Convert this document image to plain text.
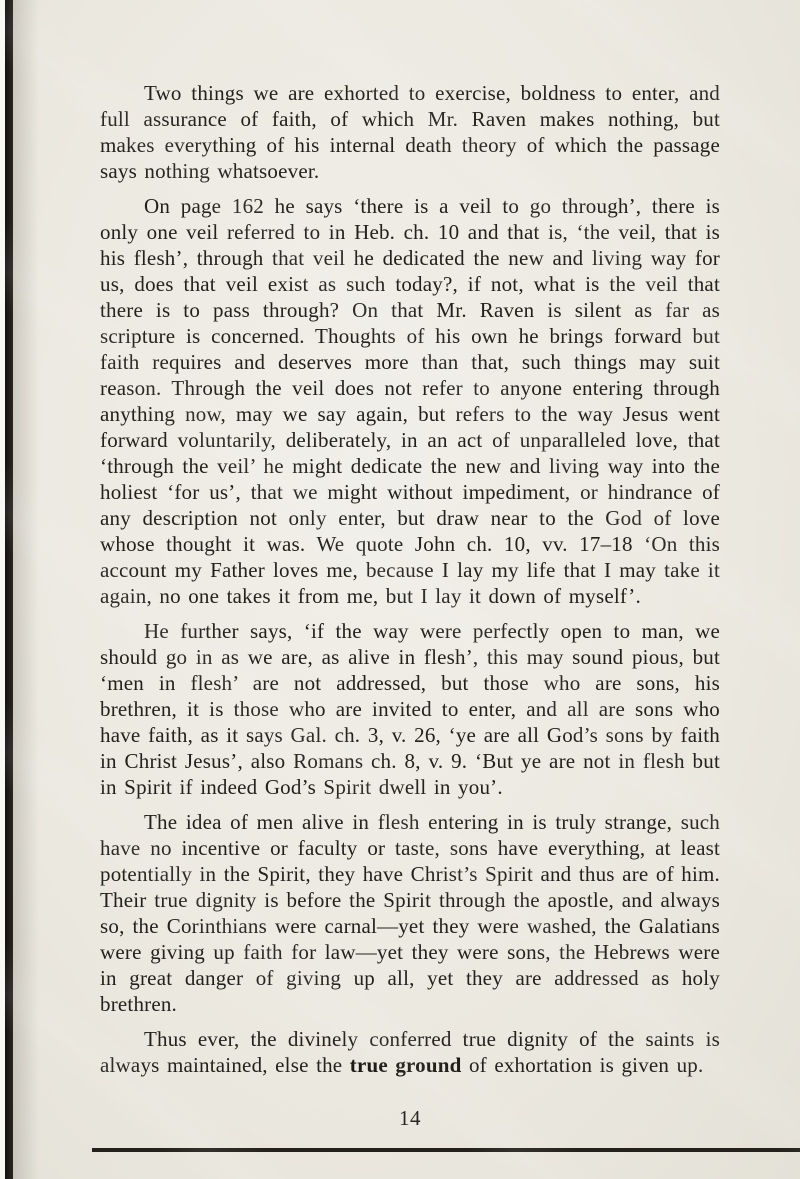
Two things we are exhorted to exercise, boldness to enter, and full assurance of faith, of which Mr. Raven makes nothing, but makes everything of his internal death theory of which the passage says nothing whatsoever.

On page 162 he says ‘there is a veil to go through’, there is only one veil referred to in Heb. ch. 10 and that is, ‘the veil, that is his flesh’, through that veil he dedicated the new and living way for us, does that veil exist as such today?, if not, what is the veil that there is to pass through? On that Mr. Raven is silent as far as scripture is concerned. Thoughts of his own he brings forward but faith requires and deserves more than that, such things may suit reason. Through the veil does not refer to anyone entering through anything now, may we say again, but refers to the way Jesus went forward voluntarily, deliberately, in an act of unparalleled love, that ‘through the veil’ he might dedicate the new and living way into the holiest ‘for us’, that we might without impediment, or hindrance of any description not only enter, but draw near to the God of love whose thought it was. We quote John ch. 10, vv. 17–18 ‘On this account my Father loves me, because I lay my life that I may take it again, no one takes it from me, but I lay it down of myself’.

He further says, ‘if the way were perfectly open to man, we should go in as we are, as alive in flesh’, this may sound pious, but ‘men in flesh’ are not addressed, but those who are sons, his brethren, it is those who are invited to enter, and all are sons who have faith, as it says Gal. ch. 3, v. 26, ‘ye are all God’s sons by faith in Christ Jesus’, also Romans ch. 8, v. 9. ‘But ye are not in flesh but in Spirit if indeed God’s Spirit dwell in you’.

The idea of men alive in flesh entering in is truly strange, such have no incentive or faculty or taste, sons have everything, at least potentially in the Spirit, they have Christ’s Spirit and thus are of him. Their true dignity is before the Spirit through the apostle, and always so, the Corinthians were carnal—yet they were washed, the Galatians were giving up faith for law—yet they were sons, the Hebrews were in great danger of giving up all, yet they are addressed as holy brethren.

Thus ever, the divinely conferred true dignity of the saints is always maintained, else the true ground of exhortation is given up.

14
